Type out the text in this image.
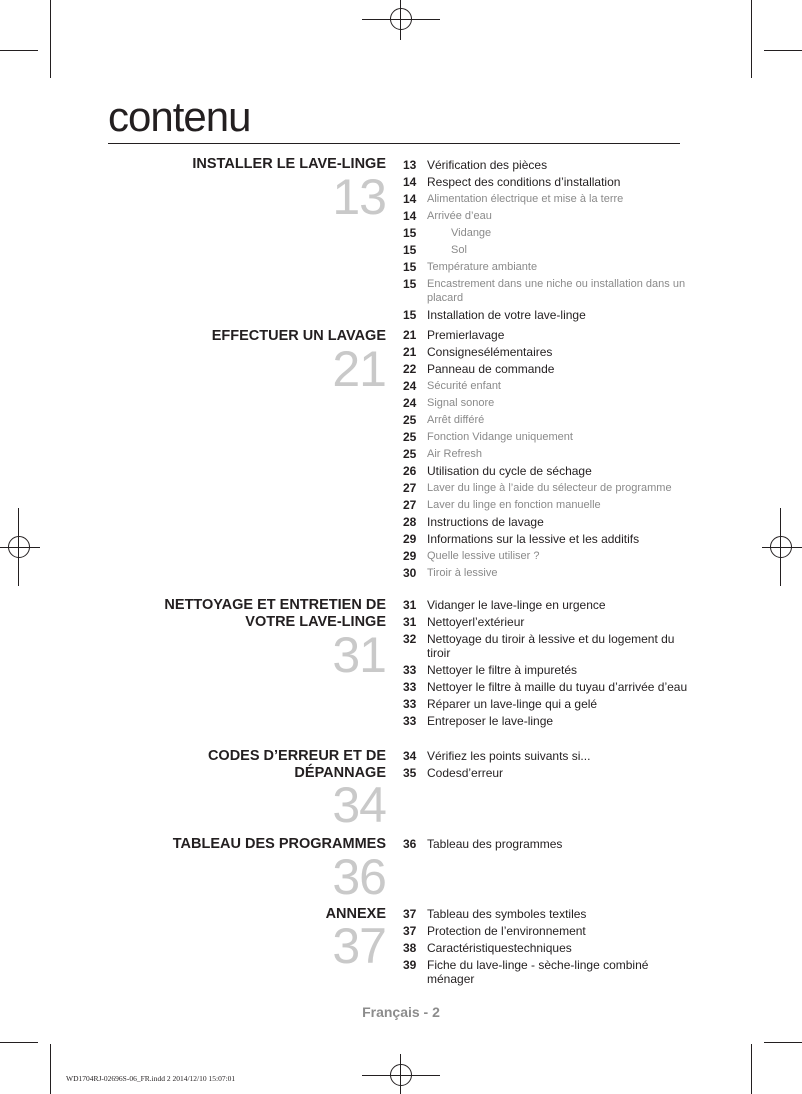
contenu
INSTALLER LE LAVE-LINGE
13
13 Vérification des pièces
14 Respect des conditions d’installation
14 Alimentation électrique et mise à la terre
14 Arrivée d’eau
15	Vidange
15	Sol
15 Température ambiante
15 Encastrement dans une niche ou installation dans un placard
15 Installation de votre lave-linge
EFFECTUER UN LAVAGE
21
21 Premierlavage
21 Consignesélémentaires
22 Panneau de commande
24 Sécurité enfant
24 Signal sonore
25 Arrêt différé
25 Fonction Vidange uniquement
25 Air Refresh
26 Utilisation du cycle de séchage
27 Laver du linge à l’aide du sélecteur de programme
27 Laver du linge en fonction manuelle
28 Instructions de lavage
29 Informations sur la lessive et les additifs
29 Quelle lessive utiliser ?
30 Tiroir à lessive
NETTOYAGE ET ENTRETIEN DE
VOTRE LAVE-LINGE
31
31 Vidanger le lave-linge en urgence
31 Nettoyerl’extérieur
32 Nettoyage du tiroir à lessive et du logement du tiroir
33 Nettoyer le filtre à impuretés
33 Nettoyer le filtre à maille du tuyau d’arrivée d’eau
33 Réparer un lave-linge qui a gelé
33 Entreposer le lave-linge
CODES D’ERREUR ET DE
DÉPANNAGE
34
34 Vérifiez les points suivants si...
35 Codesd’erreur
TABLEAU DES PROGRAMMES
36
36 Tableau des programmes
ANNEXE
37
37 Tableau des symboles textiles
37 Protection de l’environnement
38 Caractéristiquestechniques
39 Fiche du lave-linge - sèche-linge combiné ménager
Français - 2
WD1704RJ-02696S-06_FR.indd 2 2014/12/10 15:07:01
